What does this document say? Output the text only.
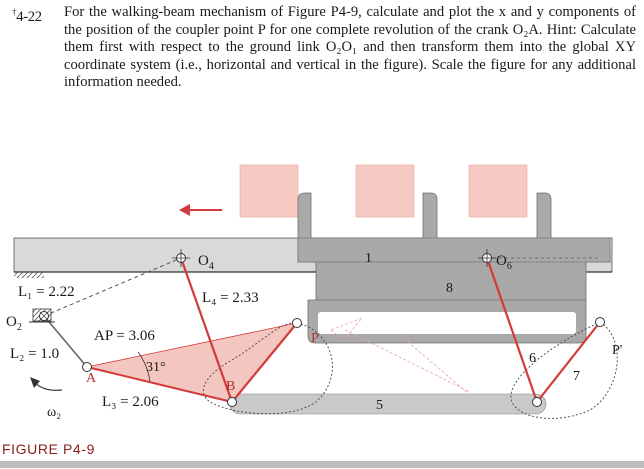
†4-22 For the walking-beam mechanism of Figure P4-9, calculate and plot the x and y components of the position of the coupler point P for one complete revolution of the crank O₂A. Hint: Calculate them first with respect to the ground link O₂O₁ and then transform them into the global XY coordinate system (i.e., horizontal and vertical in the figure). Scale the figure for any additional information needed.
L₁ = 2.22
$O_2$
AP = 3.06
L₂ = 1.0
A
31°
B
L₃ = 2.06
ω₂
$O_4$
L₄ = 2.33
P
1
8
$O_6$
5
6
7
P'
FIGURE P4-9
